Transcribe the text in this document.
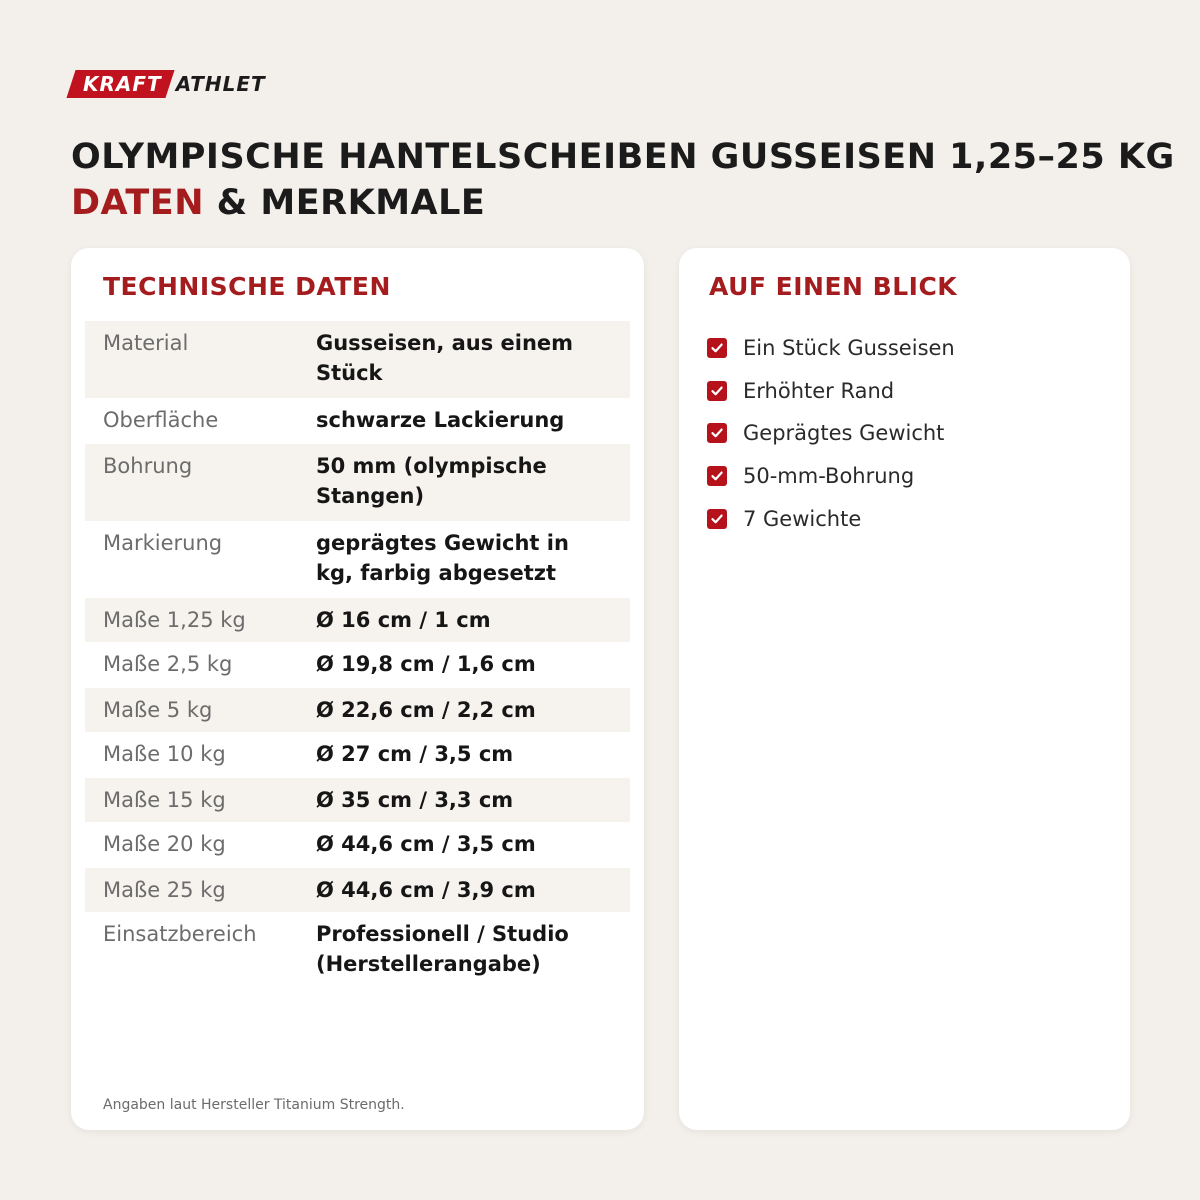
KRAFT ATHLET
OLYMPISCHE HANTELSCHEIBEN GUSSEISEN 1,25–25 KG
DATEN & MERKMALE
TECHNISCHE DATEN
Material	Gusseisen, aus einem Stück
Oberfläche	schwarze Lackierung
Bohrung	50 mm (olympische Stangen)
Markierung	geprägtes Gewicht in kg, farbig abgesetzt
Maße 1,25 kg	Ø 16 cm / 1 cm
Maße 2,5 kg	Ø 19,8 cm / 1,6 cm
Maße 5 kg	Ø 22,6 cm / 2,2 cm
Maße 10 kg	Ø 27 cm / 3,5 cm
Maße 15 kg	Ø 35 cm / 3,3 cm
Maße 20 kg	Ø 44,6 cm / 3,5 cm
Maße 25 kg	Ø 44,6 cm / 3,9 cm
Einsatzbereich	Professionell / Studio (Herstellerangabe)
Angaben laut Hersteller Titanium Strength.
AUF EINEN BLICK
Ein Stück Gusseisen
Erhöhter Rand
Geprägtes Gewicht
50-mm-Bohrung
7 Gewichte
